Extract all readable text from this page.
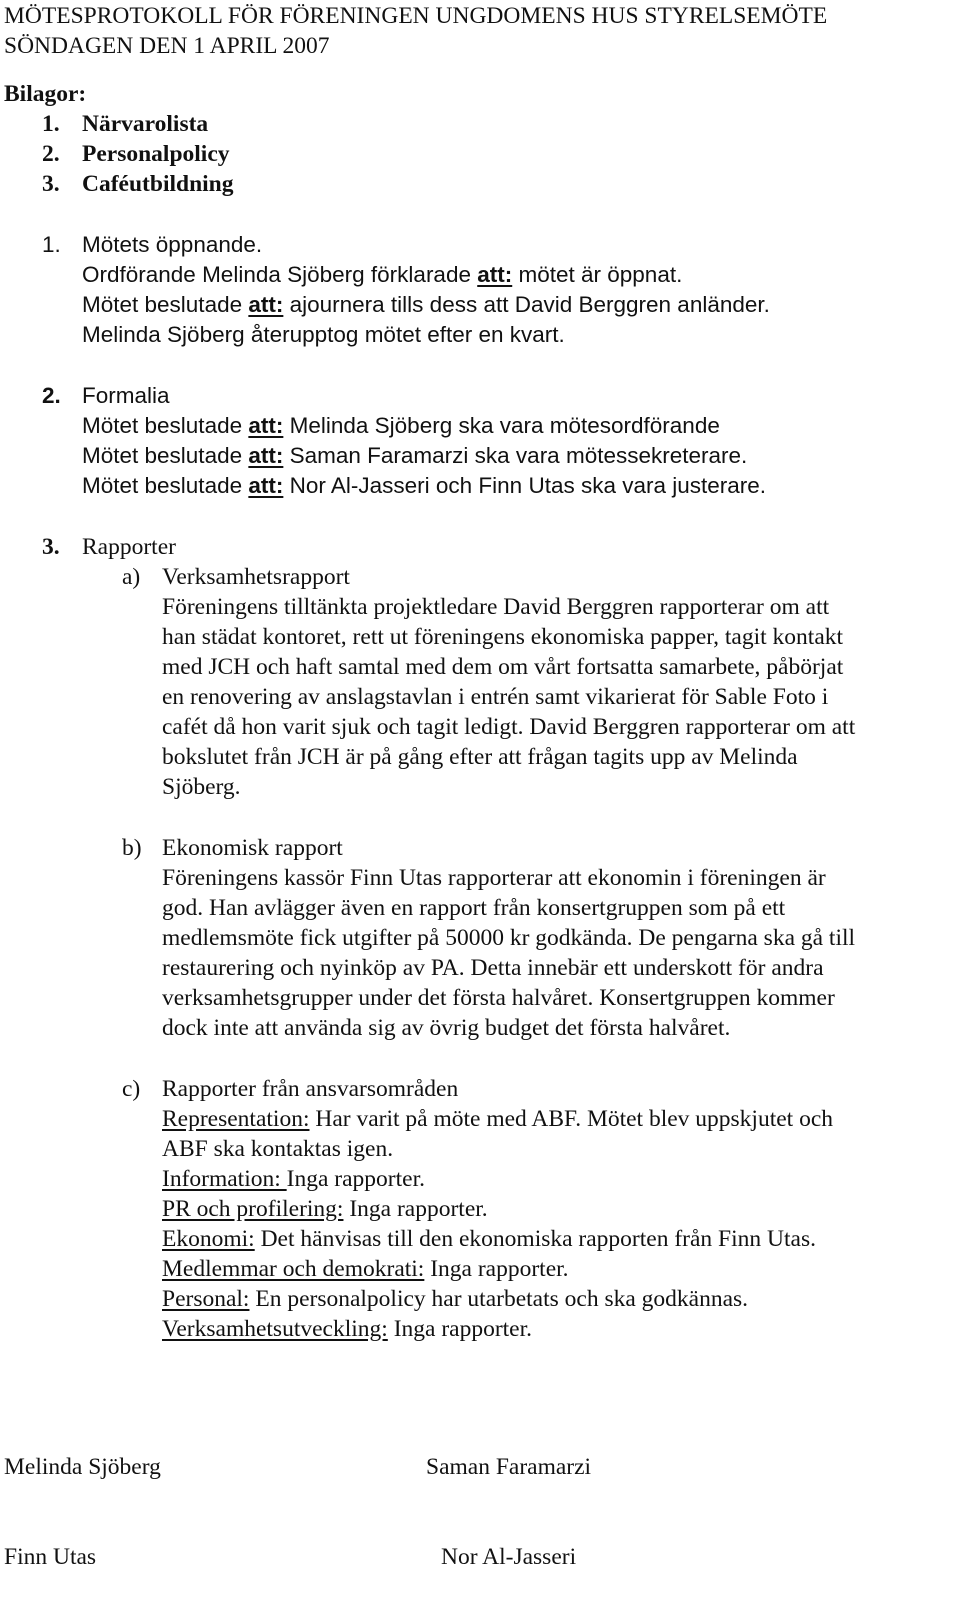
MÖTESPROTOKOLL FÖR FÖRENINGEN UNGDOMENS HUS STYRELSEMÖTE
SÖNDAGEN DEN 1 APRIL 2007
Bilagor:
1. Närvarolista
2. Personalpolicy
3. Caféutbildning
1. Mötets öppnande.
Ordförande Melinda Sjöberg förklarade att: mötet är öppnat.
Mötet beslutade att: ajournera tills dess att David Berggren anländer.
Melinda Sjöberg återupptog mötet efter en kvart.
2. Formalia
Mötet beslutade att: Melinda Sjöberg ska vara mötesordförande
Mötet beslutade att: Saman Faramarzi ska vara mötessekreterare.
Mötet beslutade att: Nor Al-Jasseri och Finn Utas ska vara justerare.
3. Rapporter
a) Verksamhetsrapport
Föreningens tilltänkta projektledare David Berggren rapporterar om att
han städat kontoret, rett ut föreningens ekonomiska papper, tagit kontakt
med JCH och haft samtal med dem om vårt fortsatta samarbete, påbörjat
en renovering av anslagstavlan i entrén samt vikarierat för Sable Foto i
cafét då hon varit sjuk och tagit ledigt. David Berggren rapporterar om att
bokslutet från JCH är på gång efter att frågan tagits upp av Melinda
Sjöberg.
b) Ekonomisk rapport
Föreningens kassör Finn Utas rapporterar att ekonomin i föreningen är
god. Han avlägger även en rapport från konsertgruppen som på ett
medlemsmöte fick utgifter på 50000 kr godkända. De pengarna ska gå till
restaurering och nyinköp av PA. Detta innebär ett underskott för andra
verksamhetsgrupper under det första halvåret. Konsertgruppen kommer
dock inte att använda sig av övrig budget det första halvåret.
c) Rapporter från ansvarsområden
Representation: Har varit på möte med ABF. Mötet blev uppskjutet och
ABF ska kontaktas igen.
Information: Inga rapporter.
PR och profilering: Inga rapporter.
Ekonomi: Det hänvisas till den ekonomiska rapporten från Finn Utas.
Medlemmar och demokrati: Inga rapporter.
Personal: En personalpolicy har utarbetats och ska godkännas.
Verksamhetsutveckling: Inga rapporter.
Melinda Sjöberg	Saman Faramarzi
Finn Utas	Nor Al-Jasseri
